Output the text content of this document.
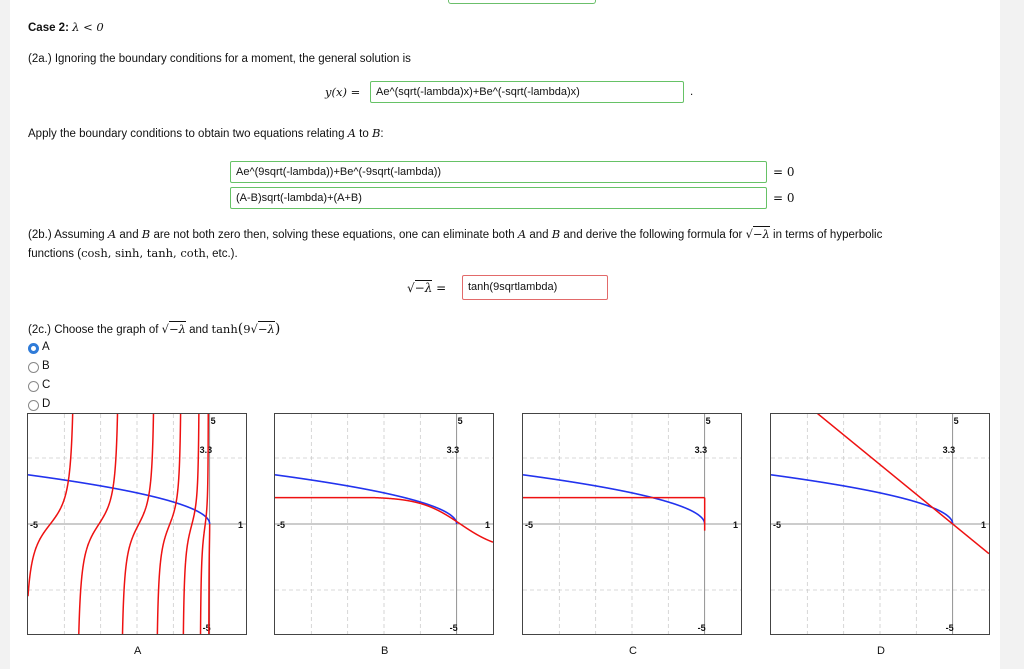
Case 2: λ < 0
(2a.) Ignoring the boundary conditions for a moment, the general solution is
y(x) =	Ae^(sqrt(-lambda)x)+Be^(-sqrt(-lambda)x)	.
Apply the boundary conditions to obtain two equations relating A to B:
Ae^(9sqrt(-lambda))+Be^(-9sqrt(-lambda))	= 0
(A-B)sqrt(-lambda)+(A+B)	= 0
(2b.) Assuming A and B are not both zero then, solving these equations, one can eliminate both A and B and derive the following formula for √−λ in terms of hyperbolic
functions (cosh, sinh, tanh, coth, etc.).
√−λ =	tanh(9sqrtlambda)
(2c.) Choose the graph of √−λ and tanh(9√−λ)
A
B
C
D
-5	1
5
-5
3.3
-5	1
5
-5
3.3
-5	1
5
-5
3.3
-5	1
5
-5
3.3
A	B	C	D
